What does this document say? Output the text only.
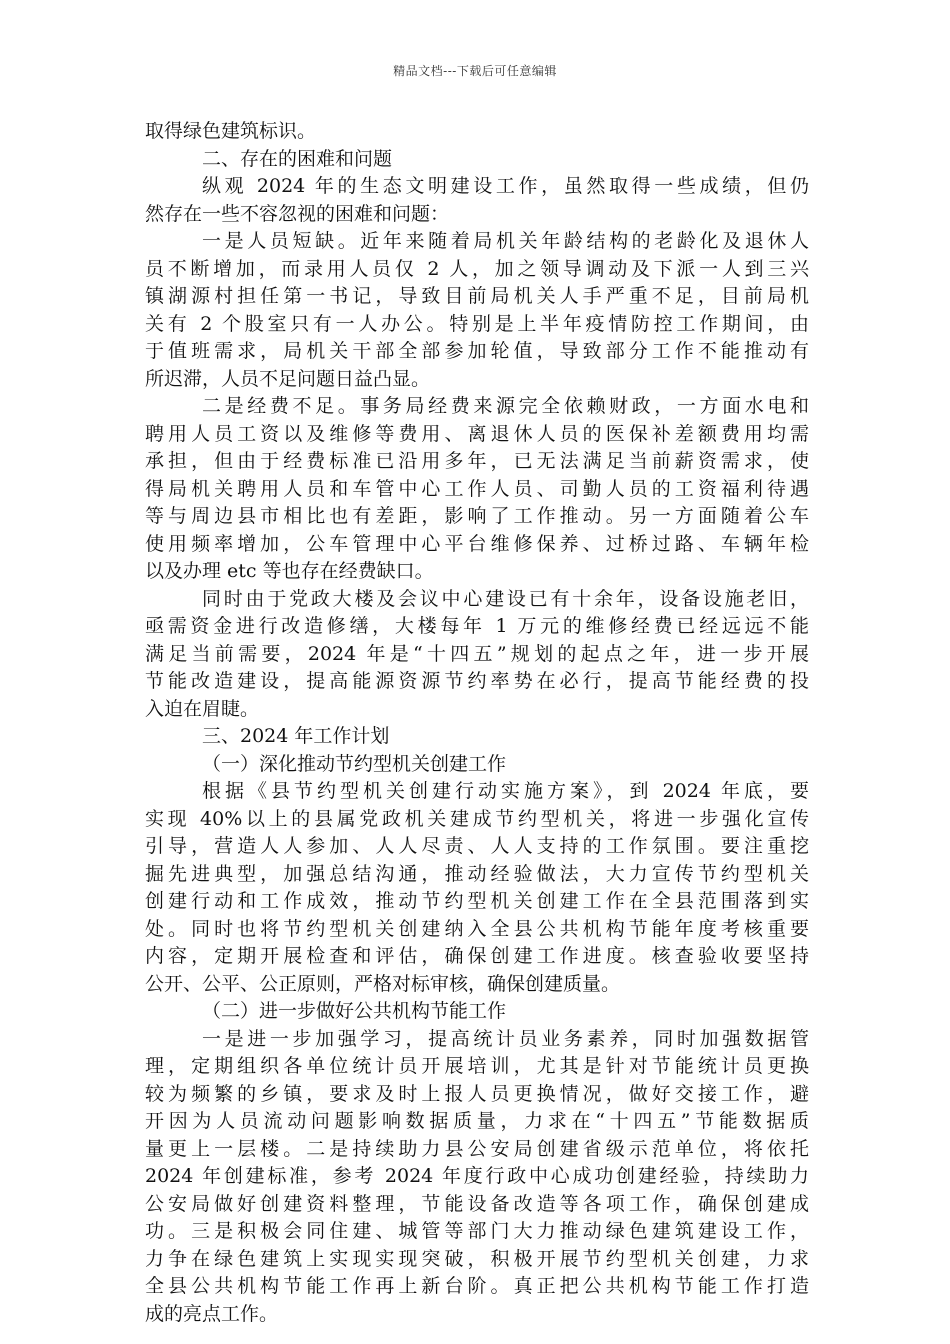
精品文档---下载后可任意编辑
取得绿色建筑标识。
二、存在的困难和问题
纵观 2024 年的生态文明建设工作，虽然取得一些成绩，但仍
然存在一些不容忽视的困难和问题：
一是人员短缺。近年来随着局机关年龄结构的老龄化及退休人
员不断增加，而录用人员仅 2 人，加之领导调动及下派一人到三兴
镇湖源村担任第一书记，导致目前局机关人手严重不足，目前局机
关有 2 个股室只有一人办公。特别是上半年疫情防控工作期间，由
于值班需求，局机关干部全部参加轮值，导致部分工作不能推动有
所迟滞，人员不足问题日益凸显。
二是经费不足。事务局经费来源完全依赖财政，一方面水电和
聘用人员工资以及维修等费用、离退休人员的医保补差额费用均需
承担，但由于经费标准已沿用多年，已无法满足当前薪资需求，使
得局机关聘用人员和车管中心工作人员、司勤人员的工资福利待遇
等与周边县市相比也有差距，影响了工作推动。另一方面随着公车
使用频率增加，公车管理中心平台维修保养、过桥过路、车辆年检
以及办理 etc 等也存在经费缺口。
同时由于党政大楼及会议中心建设已有十余年，设备设施老旧，
亟需资金进行改造修缮，大楼每年 1 万元的维修经费已经远远不能
满足当前需要，2024 年是“十四五”规划的起点之年，进一步开展
节能改造建设，提高能源资源节约率势在必行，提高节能经费的投
入迫在眉睫。
三、2024 年工作计划
（一）深化推动节约型机关创建工作
根据《县节约型机关创建行动实施方案》，到 2024 年底，要
实现 40%以上的县属党政机关建成节约型机关，将进一步强化宣传
引导，营造人人参加、人人尽责、人人支持的工作氛围。要注重挖
掘先进典型，加强总结沟通，推动经验做法，大力宣传节约型机关
创建行动和工作成效，推动节约型机关创建工作在全县范围落到实
处。同时也将节约型机关创建纳入全县公共机构节能年度考核重要
内容，定期开展检查和评估，确保创建工作进度。核查验收要坚持
公开、公平、公正原则，严格对标审核，确保创建质量。
（二）进一步做好公共机构节能工作
一是进一步加强学习，提高统计员业务素养，同时加强数据管
理，定期组织各单位统计员开展培训，尤其是针对节能统计员更换
较为频繁的乡镇，要求及时上报人员更换情况，做好交接工作，避
开因为人员流动问题影响数据质量，力求在“十四五”节能数据质
量更上一层楼。二是持续助力县公安局创建省级示范单位，将依托
2024 年创建标准，参考 2024 年度行政中心成功创建经验，持续助力
公安局做好创建资料整理，节能设备改造等各项工作，确保创建成
功。三是积极会同住建、城管等部门大力推动绿色建筑建设工作，
力争在绿色建筑上实现实现突破，积极开展节约型机关创建，力求
全县公共机构节能工作再上新台阶。真正把公共机构节能工作打造
成的亮点工作。
